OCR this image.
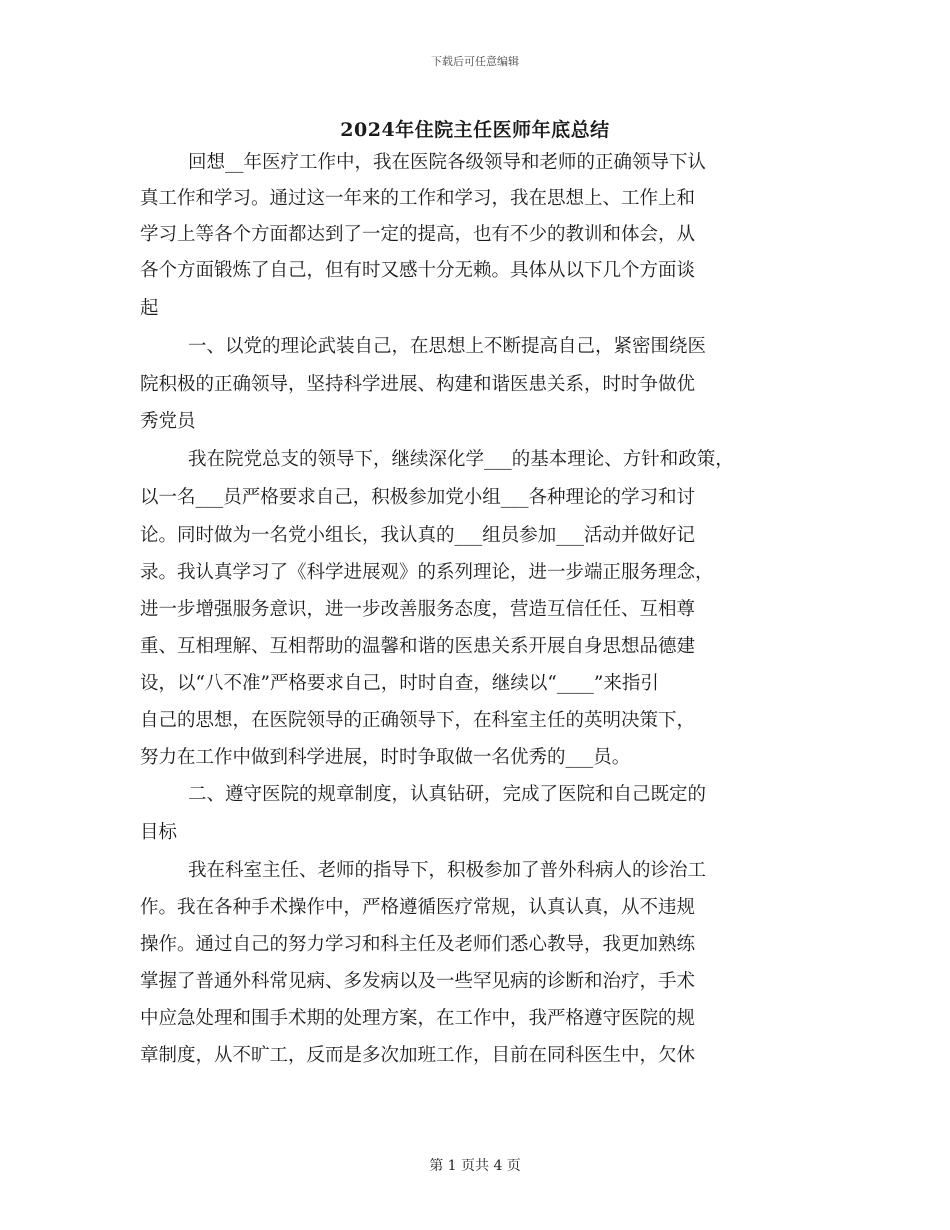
下载后可任意编辑
2024年住院主任医师年底总结
回想__年医疗工作中，我在医院各级领导和老师的正确领导下认
真工作和学习。通过这一年来的工作和学习，我在思想上、工作上和
学习上等各个方面都达到了一定的提高，也有不少的教训和体会，从
各个方面锻炼了自己，但有时又感十分无赖。具体从以下几个方面谈
起
一、以党的理论武装自己，在思想上不断提高自己，紧密围绕医
院积极的正确领导，坚持科学进展、构建和谐医患关系，时时争做优
秀党员
我在院党总支的领导下，继续深化学___的基本理论、方针和政策，
以一名___员严格要求自己，积极参加党小组___各种理论的学习和讨
论。同时做为一名党小组长，我认真的___组员参加___活动并做好记
录。我认真学习了《科学进展观》的系列理论，进一步端正服务理念，
进一步增强服务意识，进一步改善服务态度，营造互信任任、互相尊
重、互相理解、互相帮助的温馨和谐的医患关系开展自身思想品德建
设，以“八不准”严格要求自己，时时自查，继续以“____”来指引
自己的思想，在医院领导的正确领导下，在科室主任的英明决策下，
努力在工作中做到科学进展，时时争取做一名优秀的___员。
二、遵守医院的规章制度，认真钻研，完成了医院和自己既定的
目标
我在科室主任、老师的指导下，积极参加了普外科病人的诊治工
作。我在各种手术操作中，严格遵循医疗常规，认真认真，从不违规
操作。通过自己的努力学习和科主任及老师们悉心教导，我更加熟练
掌握了普通外科常见病、多发病以及一些罕见病的诊断和治疗，手术
中应急处理和围手术期的处理方案，在工作中，我严格遵守医院的规
章制度，从不旷工，反而是多次加班工作，目前在同科医生中，欠休
第 1 页共 4 页
